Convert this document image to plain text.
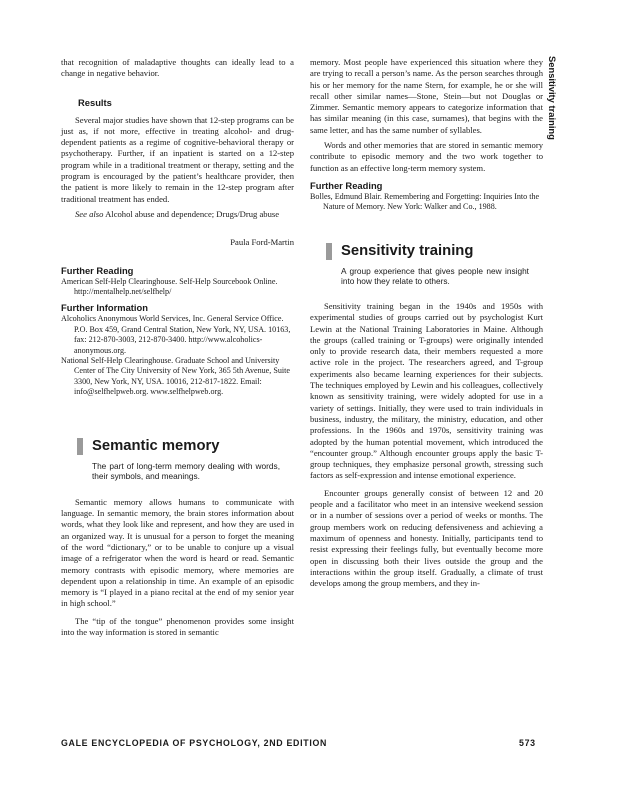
Sensitivity training

that recognition of maladaptive thoughts can ideally lead to a change in negative behavior.

Results

Several major studies have shown that 12-step programs can be just as, if not more, effective in treating alcohol- and drug-dependent patients as a regime of cognitive-behavioral therapy or psychotherapy. Further, if an inpatient is started on a 12-step program while in a traditional treatment or therapy, setting and the program is encouraged by the patient’s healthcare provider, then the patient is more likely to remain in the 12-step program after traditional treatment has ended.

See also Alcohol abuse and dependence; Drugs/Drug abuse

Paula Ford-Martin

Further Reading

American Self-Help Clearinghouse. Self-Help Sourcebook Online. http://mentalhelp.net/selfhelp/

Further Information

Alcoholics Anonymous World Services, Inc. General Service Office. P.O. Box 459, Grand Central Station, New York, NY, USA. 10163, fax: 212-870-3003, 212-870-3400. http://www.alcoholics-anonymous.org.

National Self-Help Clearinghouse. Graduate School and University Center of The City University of New York, 365 5th Avenue, Suite 3300, New York, NY, USA. 10016, 212-817-1822. Email: info@selfhelpweb.org. www.selfhelpweb.org.

Semantic memory

The part of long-term memory dealing with words, their symbols, and meanings.

Semantic memory allows humans to communicate with language. In semantic memory, the brain stores information about words, what they look like and represent, and how they are used in an organized way. It is unusual for a person to forget the meaning of the word “dictionary,” or to be unable to conjure up a visual image of a refrigerator when the word is heard or read. Semantic memory contrasts with episodic memory, where memories are dependent upon a relationship in time. An example of an episodic memory is “I played in a piano recital at the end of my senior year in high school.”

The “tip of the tongue” phenomenon provides some insight into the way information is stored in semantic

memory. Most people have experienced this situation where they are trying to recall a person’s name. As the person searches through his or her memory for the name Stern, for example, he or she will recall other similar names—Stone, Stein—but not Douglas or Zimmer. Semantic memory appears to categorize information that has similar meaning (in this case, surnames), that begins with the same letter, and has the same number of syllables.

Words and other memories that are stored in semantic memory contribute to episodic memory and the two work together to function as an effective long-term memory system.

Further Reading

Bolles, Edmund Blair. Remembering and Forgetting: Inquiries Into the Nature of Memory. New York: Walker and Co., 1988.

Sensitivity training

A group experience that gives people new insight into how they relate to others.

Sensitivity training began in the 1940s and 1950s with experimental studies of groups carried out by psychologist Kurt Lewin at the National Training Laboratories in Maine. Although the groups (called training or T-groups) were originally intended only to provide research data, their members requested a more active role in the project. The researchers agreed, and T-group experiments also became learning experiences for their subjects. The techniques employed by Lewin and his colleagues, collectively known as sensitivity training, were widely adopted for use in a variety of settings. Initially, they were used to train individuals in business, industry, the military, the ministry, education, and other professions. In the 1960s and 1970s, sensitivity training was adopted by the human potential movement, which introduced the “encounter group.” Although encounter groups apply the basic T-group techniques, they emphasize personal growth, stressing such factors as self-expression and intense emotional experience.

Encounter groups generally consist of between 12 and 20 people and a facilitator who meet in an intensive weekend session or in a number of sessions over a period of weeks or months. The group members work on reducing defensiveness and achieving a maximum of openness and honesty. Initially, participants tend to resist expressing their feelings fully, but eventually become more open in discussing both their lives outside the group and the interactions within the group itself. Gradually, a climate of trust develops among the group members, and they in-

GALE ENCYCLOPEDIA OF PSYCHOLOGY, 2ND EDITION	573
